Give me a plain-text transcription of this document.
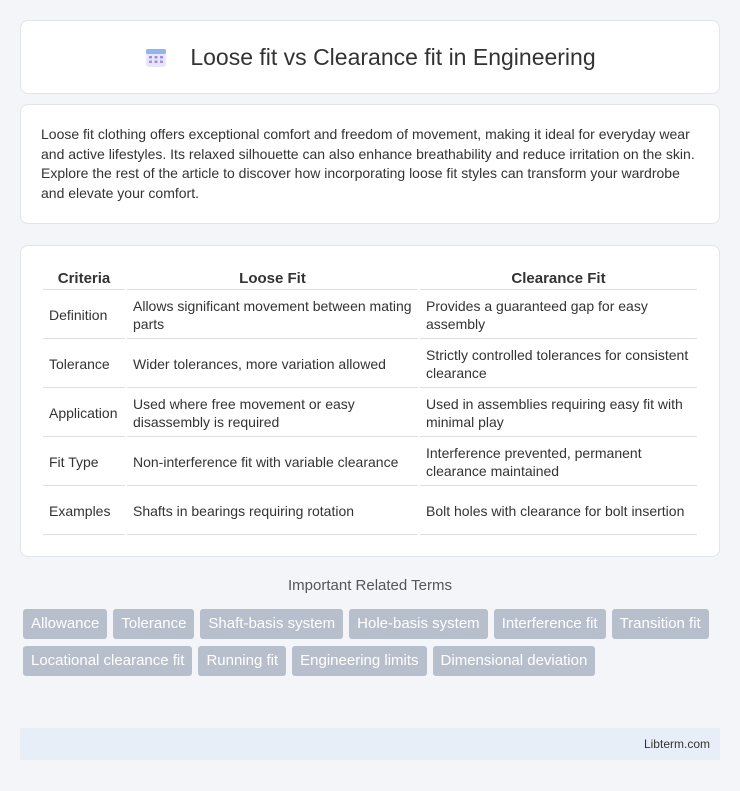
Loose fit vs Clearance fit in Engineering

Loose fit clothing offers exceptional comfort and freedom of movement, making it ideal for everyday wear and active lifestyles. Its relaxed silhouette can also enhance breathability and reduce irritation on the skin. Explore the rest of the article to discover how incorporating loose fit styles can transform your wardrobe and elevate your comfort.

Criteria	Loose Fit	Clearance Fit
Definition	Allows significant movement between mating parts	Provides a guaranteed gap for easy assembly
Tolerance	Wider tolerances, more variation allowed	Strictly controlled tolerances for consistent clearance
Application	Used where free movement or easy disassembly is required	Used in assemblies requiring easy fit with minimal play
Fit Type	Non-interference fit with variable clearance	Interference prevented, permanent clearance maintained
Examples	Shafts in bearings requiring rotation	Bolt holes with clearance for bolt insertion
Important Related Terms
Allowance	Tolerance	Shaft-basis system	Hole-basis system	Interference fit	Transition fit
Locational clearance fit	Running fit	Engineering limits	Dimensional deviation
Libterm.com
